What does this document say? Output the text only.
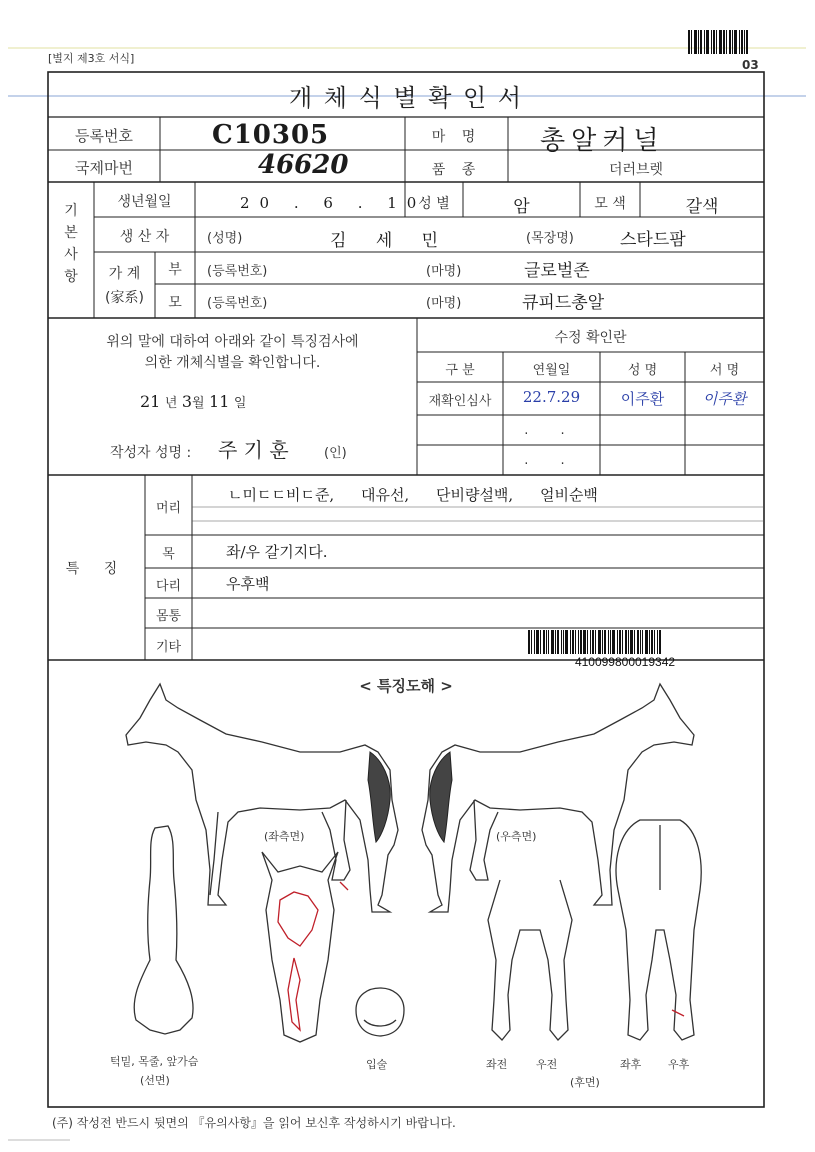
03
[별지 제3호 서식]
개 체 식 별 확 인 서
등록번호	C10305
국제마번	46620
마 명	총알커널
품 종	더러브렛
기
본
사
항
생년월일	20 . 6 . 10
성 별	암	모 색	갈색
생 산 자	(성명)	김 세 민	(목장명)	스타드팜
가 계
(家系)
부	(등록번호)	(마명)	글로벌존
모	(등록번호)	(마명)	큐피드총알
위의 말에 대하여 아래와 같이 특징검사에
의한 개체식별을 확인합니다.
21 년 3월 11 일
작성자 성명 : 주 기 훈	(인)
수정 확인란
구 분	연월일	성 명	서 명
재확인심사	22.7.29	이주환	이주환
. .
. .
특 징
머리
ㄴ미ㄷㄷ비ㄷ준, 대유선, 단비량설백, 얼비순백
목	좌/우 갈기지다.
다리	우후백
몸통
기타
410099800019342
< 특징도해 >
(좌측면)	(우측면)
턱밑, 목줄, 앞가슴
(선면)
입술	좌전	우전	좌후 우후
(후면)
(주) 작성전 반드시 뒷면의 『유의사항』을 읽어 보신후 작성하시기 바랍니다.
